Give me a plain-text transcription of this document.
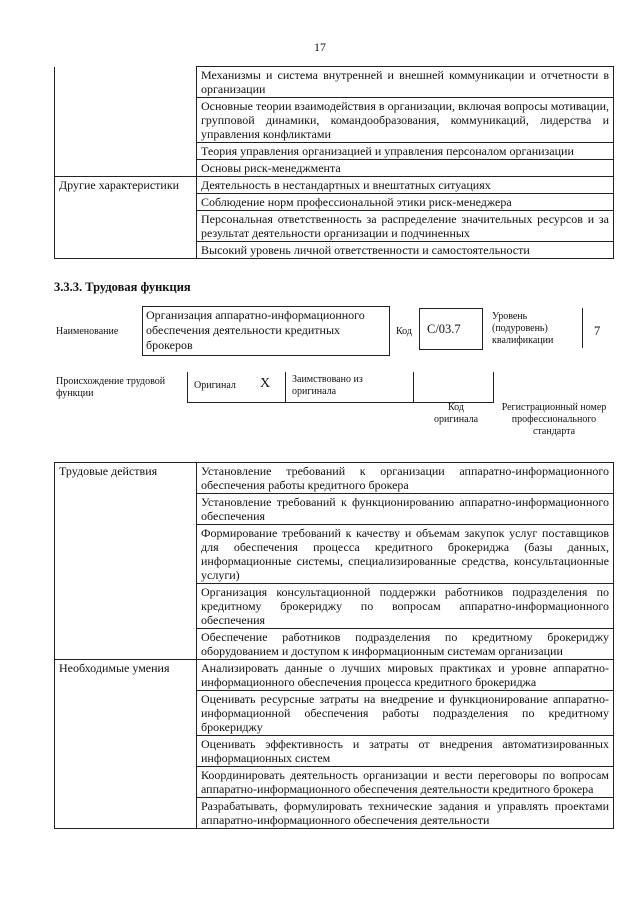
17
	Механизмы и система внутренней и внешней коммуникации и отчетности в организации
	Основные теории взаимодействия в организации, включая вопросы мотивации, групповой динамики, командообразования, коммуникаций, лидерства и управления конфликтами
	Теория управления организацией и управления персоналом организации
	Основы риск-менеджмента
Другие характеристики	Деятельность в нестандартных и внештатных ситуациях
	Соблюдение норм профессиональной этики риск-менеджера
	Персональная ответственность за распределение значительных ресурсов и за результат деятельности организации и подчиненных
	Высокий уровень личной ответственности и самостоятельности
3.3.3. Трудовая функция
Наименование
Организация аппаратно-информационного обеспечения деятельности кредитных брокеров
Код С/03.7
Уровень (подуровень) квалификации
7
Происхождение трудовой функции
Оригинал X Заимствовано из оригинала
Код оригинала
Регистрационный номер профессионального стандарта
Трудовые действия	Установление требований к организации аппаратно-информационного обеспечения работы кредитного брокера
	Установление требований к функционированию аппаратно-информационного обеспечения
	Формирование требований к качеству и объемам закупок услуг поставщиков для обеспечения процесса кредитного брокериджа (базы данных, информационные системы, специализированные средства, консультационные услуги)
	Организация консультационной поддержки работников подразделения по кредитному брокериджу по вопросам аппаратно-информационного обеспечения
	Обеспечение работников подразделения по кредитному брокериджу оборудованием и доступом к информационным системам организации
Необходимые умения	Анализировать данные о лучших мировых практиках и уровне аппаратно-информационного обеспечения процесса кредитного брокериджа
	Оценивать ресурсные затраты на внедрение и функционирование аппаратно-информационной обеспечения работы подразделения по кредитному брокериджу
	Оценивать эффективность и затраты от внедрения автоматизированных информационных систем
	Координировать деятельность организации и вести переговоры по вопросам аппаратно-информационного обеспечения деятельности кредитного брокера
	Разрабатывать, формулировать технические задания и управлять проектами аппаратно-информационного обеспечения деятельности
